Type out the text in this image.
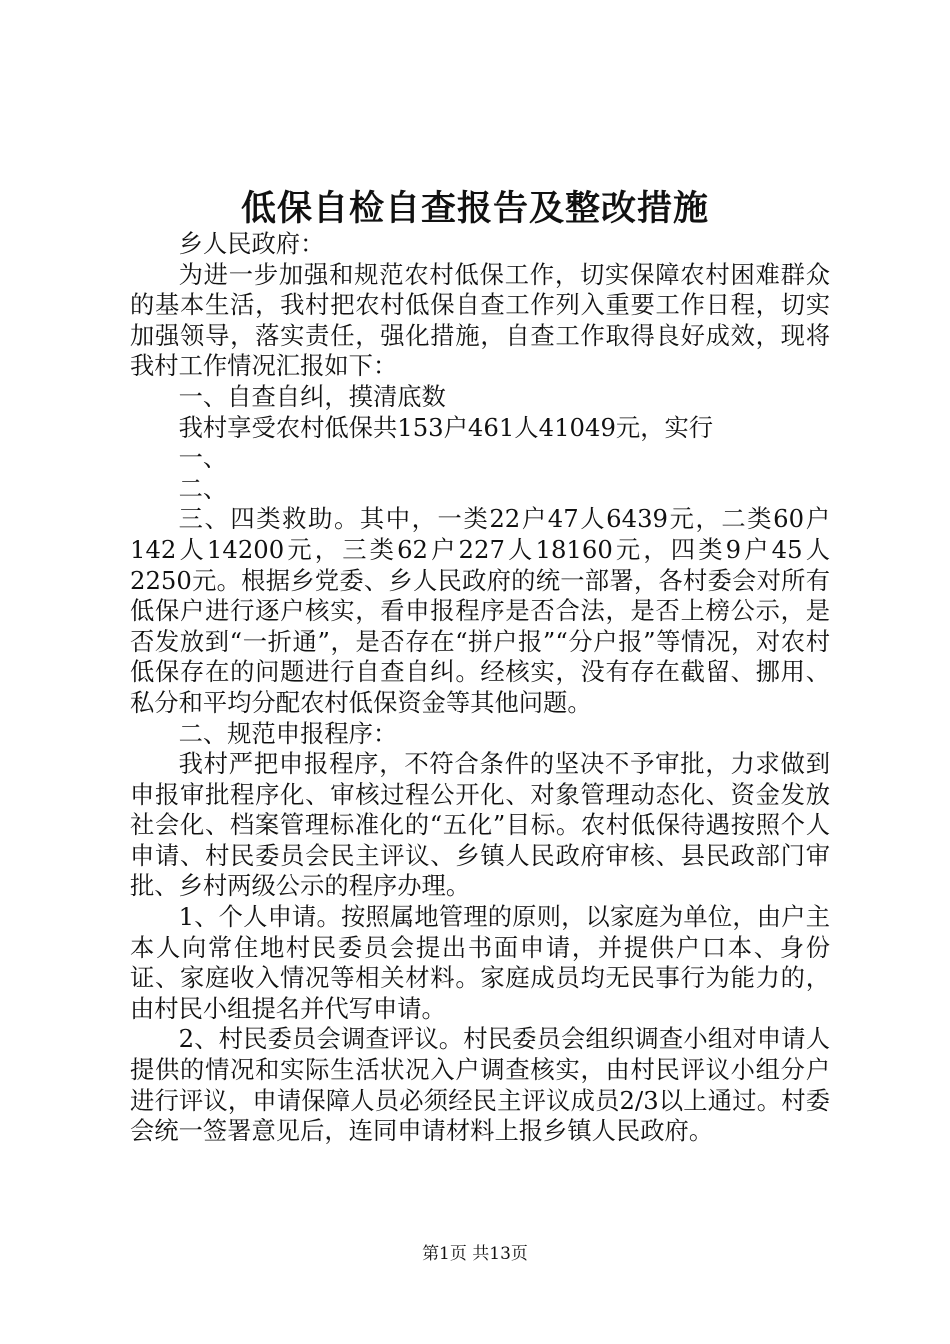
低保自检自查报告及整改措施

乡人民政府：

为进一步加强和规范农村低保工作，切实保障农村困难群众的基本生活，我村把农村低保自查工作列入重要工作日程，切实加强领导，落实责任，强化措施，自查工作取得良好成效，现将我村工作情况汇报如下：

一、自查自纠，摸清底数

我村享受农村低保共153户461人41049元，实行

一、

二、

三、四类救助。其中，一类22户47人6439元，二类60户142人14200元，三类62户227人18160元，四类9户45人2250元。根据乡党委、乡人民政府的统一部署，各村委会对所有低保户进行逐户核实，看申报程序是否合法，是否上榜公示，是否发放到“一折通”，是否存在“拼户报”“分户报”等情况，对农村低保存在的问题进行自查自纠。经核实，没有存在截留、挪用、私分和平均分配农村低保资金等其他问题。

二、规范申报程序：

我村严把申报程序，不符合条件的坚决不予审批，力求做到申报审批程序化、审核过程公开化、对象管理动态化、资金发放社会化、档案管理标准化的“五化”目标。农村低保待遇按照个人申请、村民委员会民主评议、乡镇人民政府审核、县民政部门审批、乡村两级公示的程序办理。

1、个人申请。按照属地管理的原则，以家庭为单位，由户主本人向常住地村民委员会提出书面申请，并提供户口本、身份证、家庭收入情况等相关材料。家庭成员均无民事行为能力的，由村民小组提名并代写申请。

2、村民委员会调查评议。村民委员会组织调查小组对申请人提供的情况和实际生活状况入户调查核实，由村民评议小组分户进行评议，申请保障人员必须经民主评议成员2/3以上通过。村委会统一签署意见后，连同申请材料上报乡镇人民政府。

第1页 共13页
